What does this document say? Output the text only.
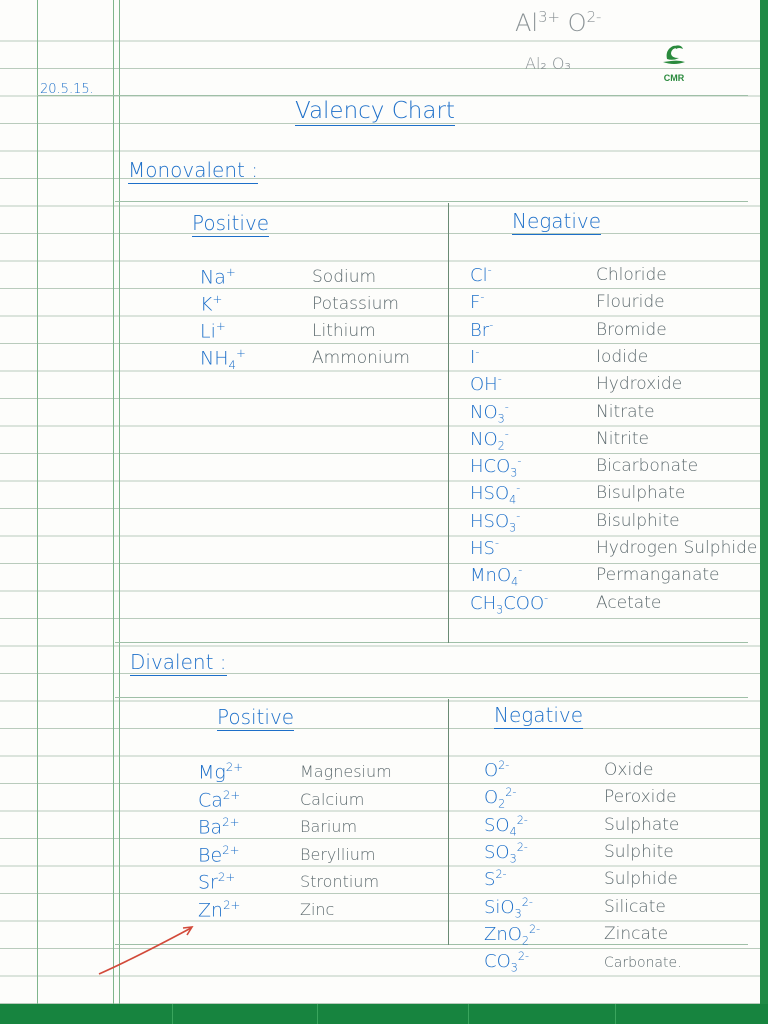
20.5.15.
$Al^{3+}$ $O^{2-}$
Al₂ O₃
CMR
Valency Chart
Monovalent :
Positive	Negative
Na+	Sodium
K+	Potassium
Li+	Lithium
$NH_4^+$	Ammonium
Cl-	Chloride
F-	Flouride
Br-	Bromide
I-	Iodide
OH-	Hydroxide
$NO_3^-$	Nitrate
$NO_2^-$	Nitrite
$HCO_3^-$	Bicarbonate
$HSO_4^-$	Bisulphate
$HSO_3^-$	Bisulphite
HS-	Hydrogen Sulphide
MnO$_4$-	Permanganate
$CH_3COO^-$	Acetate
Divalent :
Positive	Negative
$Mg^{2+}$	Magnesium
$Ca^{2+}$	Calcium
$Ba^{2+}$	Barium
$Be^{2+}$	Beryllium
$Sr^{2+}$	Strontium
$Zn^{2+}$	Zinc
$O^{2-}$	Oxide
$O_2^{2-}$	Peroxide
$SO_4^{2-}$	Sulphate
$SO_3^{2-}$	Sulphite
$S^{2-}$	Sulphide
SiO$_3^{2-}$	Silicate
ZnO$_2^{2-}$	Zincate
$CO_3^{2-}$	Carbonate.
